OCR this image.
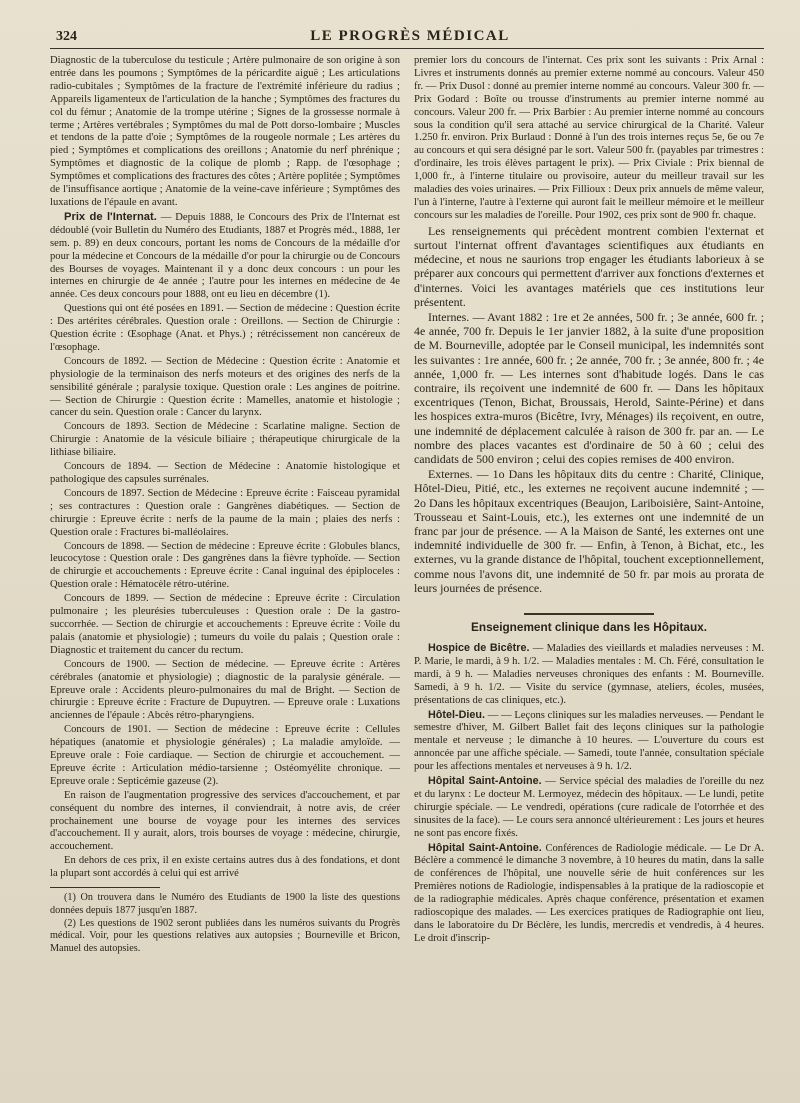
324	LE PROGRÈS MÉDICAL

Diagnostic de la tuberculose du testicule ; Artère pulmonaire de son origine à son entrée dans les poumons ; Symptômes de la péricardite aiguë ; Les articulations radio-cubitales ; Symptômes de la fracture de l'extrémité inférieure du radius ; Appareils ligamenteux de l'articulation de la hanche ; Symptômes des fractures du col du fémur ; Anatomie de la trompe utérine ; Signes de la grossesse normale à terme ; Artères vertébrales ; Symptômes du mal de Pott dorso-lombaire ; Muscles et tendons de la patte d'oie ; Symptômes de la rougeole normale ; Les artères du pied ; Symptômes et complications des oreillons ; Anatomie du nerf phrénique ; Symptômes et diagnostic de la colique de plomb ; Rapp. de l'œsophage ; Symptômes et complications des fractures des côtes ; Artère poplitée ; Symptômes de l'insuffisance aortique ; Anatomie de la veine-cave inférieure ; Symptômes des luxations de l'épaule en avant.

Prix de l'Internat. — Depuis 1888, le Concours des Prix de l'Internat est dédoublé (voir Bulletin du Numéro des Etudiants, 1887 et Progrès méd., 1888, 1er sem. p. 89) en deux concours, portant les noms de Concours de la médaille d'or pour la médecine et Concours de la médaille d'or pour la chirurgie ou de Concours des Bourses de voyages. Maintenant il y a donc deux concours : un pour les internes en chirurgie de 4e année ; l'autre pour les internes en médecine de 4e année. Ces deux concours pour 1888, ont eu lieu en décembre (1).

Questions qui ont été posées en 1891. — Section de médecine : Question écrite : Des artérites cérébrales. Question orale : Oreillons. — Section de Chirurgie : Question écrite : Œsophage (Anat. et Phys.) ; rétrécissement non cancéreux de l'œsophage.

Concours de 1892. — Section de Médecine : Question écrite : Anatomie et physiologie de la terminaison des nerfs moteurs et des origines des nerfs de la sensibilité générale ; paralysie toxique. Question orale : Les angines de poitrine. — Section de Chirurgie : Question écrite : Mamelles, anatomie et histologie ; cancer du sein. Question orale : Cancer du larynx.

Concours de 1893. Section de Médecine : Scarlatine maligne. Section de Chirurgie : Anatomie de la vésicule biliaire ; thérapeutique chirurgicale de la lithiase biliaire.

Concours de 1894. — Section de Médecine : Anatomie histologique et pathologique des capsules surrénales.

Concours de 1897. Section de Médecine : Epreuve écrite : Faisceau pyramidal ; ses contractures : Question orale : Gangrènes diabétiques. — Section de chirurgie : Epreuve écrite : nerfs de la paume de la main ; plaies des nerfs : Question orale : Fractures bi-malléolaires.

Concours de 1898. — Section de médecine : Epreuve écrite : Globules blancs, leucocytose : Question orale : Des gangrènes dans la fièvre typhoïde. — Section de chirurgie et accouchements : Epreuve écrite : Canal inguinal des épiploceles : Question orale : Hématocèle rétro-utérine.

Concours de 1899. — Section de médecine : Epreuve écrite : Circulation pulmonaire ; les pleurésies tuberculeuses : Question orale : De la gastro-succorrhée. — Section de chirurgie et accouchements : Epreuve écrite : Voile du palais (anatomie et physiologie) ; tumeurs du voile du palais ; Question orale : Diagnostic et traitement du cancer du rectum.

Concours de 1900. — Section de médecine. — Epreuve écrite : Artères cérébrales (anatomie et physiologie) ; diagnostic de la paralysie générale. — Epreuve orale : Accidents pleuro-pulmonaires du mal de Bright. — Section de chirurgie : Epreuve écrite : Fracture de Dupuytren. — Epreuve orale : Luxations anciennes de l'épaule : Abcès rétro-pharyngiens.

Concours de 1901. — Section de médecine : Epreuve écrite : Cellules hépatiques (anatomie et physiologie générales) ; La maladie amyloïde. — Epreuve orale : Foie cardiaque. — Section de chirurgie et accouchement. — Epreuve écrite : Articulation médio-tarsienne ; Ostéomyélite chronique. — Epreuve orale : Septicémie gazeuse (2).

En raison de l'augmentation progressive des services d'accouchement, et par conséquent du nombre des internes, il conviendrait, à notre avis, de créer prochainement une bourse de voyage pour les internes des services d'accouchement. Il y aurait, alors, trois bourses de voyage : médecine, chirurgie, accouchement.

En dehors de ces prix, il en existe certains autres dus à des fondations, et dont la plupart sont accordés à celui qui est arrivé

(1) On trouvera dans le Numéro des Etudiants de 1900 la liste des questions données depuis 1877 jusqu'en 1887.

(2) Les questions de 1902 seront publiées dans les numéros suivants du Progrès médical. Voir, pour les questions relatives aux autopsies ; Bourneville et Bricon, Manuel des autopsies.

premier lors du concours de l'internat. Ces prix sont les suivants : Prix Arnal : Livres et instruments donnés au premier externe nommé au concours. Valeur 450 fr. — Prix Dusol : donné au premier interne nommé au concours. Valeur 300 fr. — Prix Godard : Boîte ou trousse d'instruments au premier interne nommé au concours. Valeur 200 fr. — Prix Barbier : Au premier interne nommé au concours sous la condition qu'il sera attaché au service chirurgical de la Charité. Valeur 1.250 fr. environ. Prix Burlaud : Donné à l'un des trois internes reçus 5e, 6e ou 7e au concours et qui sera désigné par le sort. Valeur 500 fr. (payables par trimestres : d'ordinaire, les trois élèves partagent le prix). — Prix Civiale : Prix biennal de 1,000 fr., à l'interne titulaire ou provisoire, auteur du meilleur travail sur les maladies des voies urinaires. — Prix Fillioux : Deux prix annuels de même valeur, l'un à l'interne, l'autre à l'externe qui auront fait le meilleur mémoire et le meilleur concours sur les maladies de l'oreille. Pour 1902, ces prix sont de 900 fr. chaque.

Les renseignements qui précèdent montrent combien l'externat et surtout l'internat offrent d'avantages scientifiques aux étudiants en médecine, et nous ne saurions trop engager les étudiants laborieux à se préparer aux concours qui permettent d'arriver aux fonctions d'externes et d'internes. Voici les avantages matériels que ces institutions leur présentent.

Internes. — Avant 1882 : 1re et 2e années, 500 fr. ; 3e année, 600 fr. ; 4e année, 700 fr. Depuis le 1er janvier 1882, à la suite d'une proposition de M. Bourneville, adoptée par le Conseil municipal, les indemnités sont les suivantes : 1re année, 600 fr. ; 2e année, 700 fr. ; 3e année, 800 fr. ; 4e année, 1,000 fr. — Les internes sont d'habitude logés. Dans le cas contraire, ils reçoivent une indemnité de 600 fr. — Dans les hôpitaux excentriques (Tenon, Bichat, Broussais, Herold, Sainte-Périne) et dans les hospices extra-muros (Bicêtre, Ivry, Ménages) ils reçoivent, en outre, une indemnité de déplacement calculée à raison de 300 fr. par an. — Le nombre des places vacantes est d'ordinaire de 50 à 60 ; celui des candidats de 500 environ ; celui des copies remises de 400 environ.

Externes. — 1o Dans les hôpitaux dits du centre : Charité, Clinique, Hôtel-Dieu, Pitié, etc., les externes ne reçoivent aucune indemnité ; — 2o Dans les hôpitaux excentriques (Beaujon, Lariboisière, Saint-Antoine, Trousseau et Saint-Louis, etc.), les externes ont une indemnité de un franc par jour de présence. — A la Maison de Santé, les externes ont une indemnité individuelle de 300 fr. — Enfin, à Tenon, à Bichat, etc., les externes, vu la grande distance de l'hôpital, touchent exceptionnellement, comme nous l'avons dit, une indemnité de 50 fr. par mois au prorata de leurs journées de présence.

Enseignement clinique dans les Hôpitaux.

Hospice de Bicêtre. — Maladies des vieillards et maladies nerveuses : M. P. Marie, le mardi, à 9 h. 1/2. — Maladies mentales : M. Ch. Féré, consultation le mardi, à 9 h. — Maladies nerveuses chroniques des enfants : M. Bourneville. Samedi, à 9 h. 1/2. — Visite du service (gymnase, ateliers, écoles, musées, présentations de cas cliniques, etc.).

Hôtel-Dieu. — — Leçons cliniques sur les maladies nerveuses. — Pendant le semestre d'hiver, M. Gilbert Ballet fait des leçons cliniques sur la pathologie mentale et nerveuse ; le dimanche à 10 heures. — L'ouverture du cours est annoncée par une affiche spéciale. — Samedi, toute l'année, consultation spéciale pour les affections mentales et nerveuses à 9 h. 1/2.

Hôpital Saint-Antoine. — Service spécial des maladies de l'oreille du nez et du larynx : Le docteur M. Lermoyez, médecin des hôpitaux. — Le lundi, petite chirurgie spéciale. — Le vendredi, opérations (cure radicale de l'otorrhée et des sinusites de la face). — Le cours sera annoncé ultérieurement : Les jours et heures ne sont pas encore fixés.

Hôpital Saint-Antoine. Conférences de Radiologie médicale. — Le Dr A. Béclère a commencé le dimanche 3 novembre, à 10 heures du matin, dans la salle de conférences de l'hôpital, une nouvelle série de huit conférences sur les Premières notions de Radiologie, indispensables à la pratique de la radioscopie et de la radiographie médicales. Après chaque conférence, présentation et examen radioscopique des malades. — Les exercices pratiques de Radiographie ont lieu, dans le laboratoire du Dr Béclère, les lundis, mercredis et vendredis, à 4 heures. Le droit d'inscrip-
